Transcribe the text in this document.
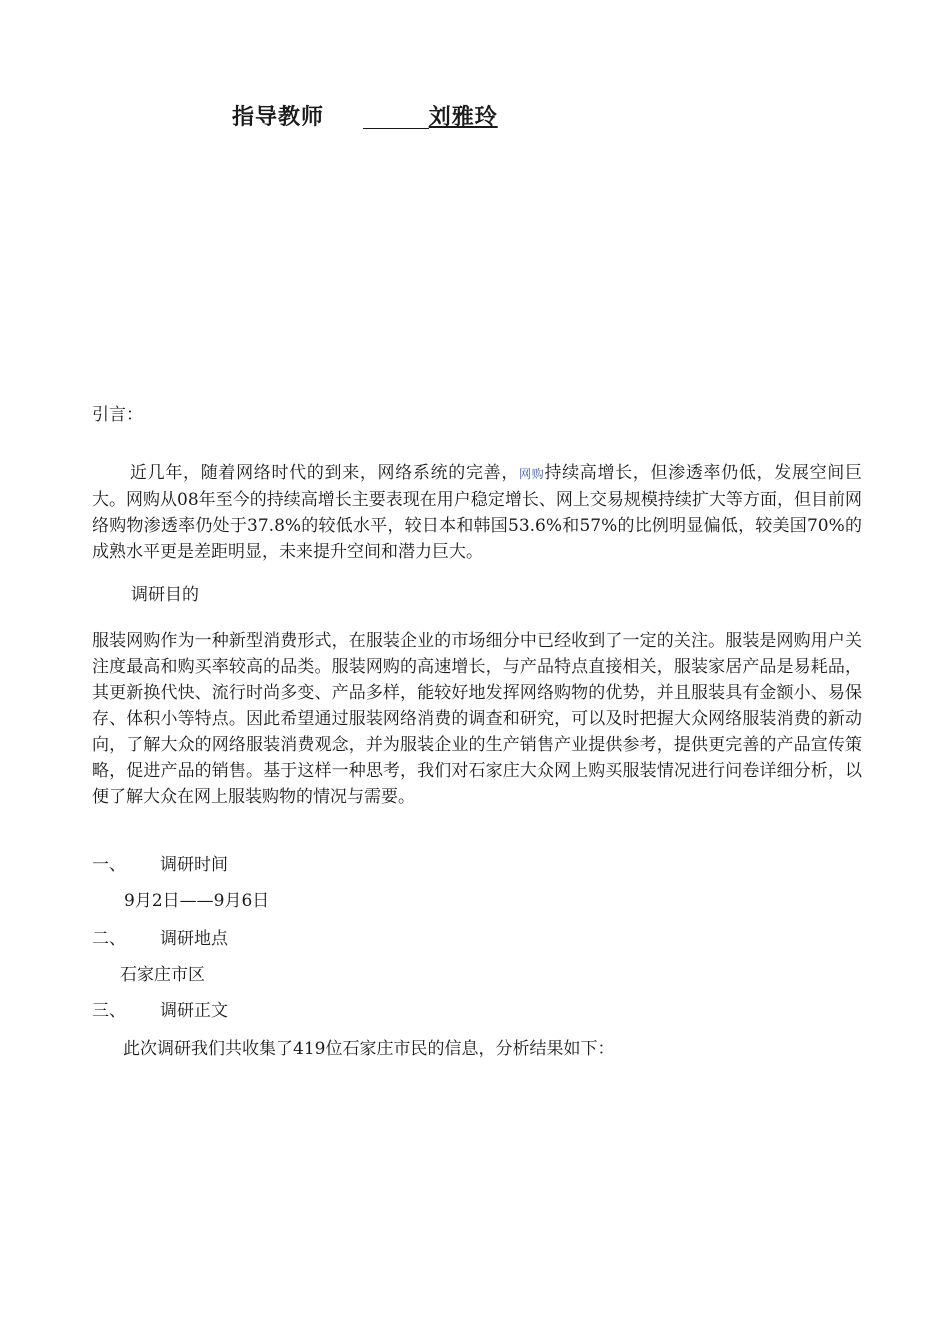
指导教师	刘雅玲
引言：
近几年，随着网络时代的到来，网络系统的完善，网购持续高增长，但渗透率仍低，发展空间巨大。网购从08年至今的持续高增长主要表现在用户稳定增长、网上交易规模持续扩大等方面，但目前网络购物渗透率仍处于37.8%的较低水平，较日本和韩国53.6%和57%的比例明显偏低，较美国70%的成熟水平更是差距明显，未来提升空间和潜力巨大。
调研目的
服装网购作为一种新型消费形式，在服装企业的市场细分中已经收到了一定的关注。服装是网购用户关注度最高和购买率较高的品类。服装网购的高速增长，与产品特点直接相关，服装家居产品是易耗品，其更新换代快、流行时尚多变、产品多样，能较好地发挥网络购物的优势，并且服装具有金额小、易保存、体积小等特点。因此希望通过服装网络消费的调查和研究，可以及时把握大众网络服装消费的新动向，了解大众的网络服装消费观念，并为服装企业的生产销售产业提供参考，提供更完善的产品宣传策略，促进产品的销售。基于这样一种思考，我们对石家庄大众网上购买服装情况进行问卷详细分析，以便了解大众在网上服装购物的情况与需要。
一、 调研时间
9月2日——9月6日
二、 调研地点
石家庄市区
三、 调研正文
此次调研我们共收集了419位石家庄市民的信息，分析结果如下：
